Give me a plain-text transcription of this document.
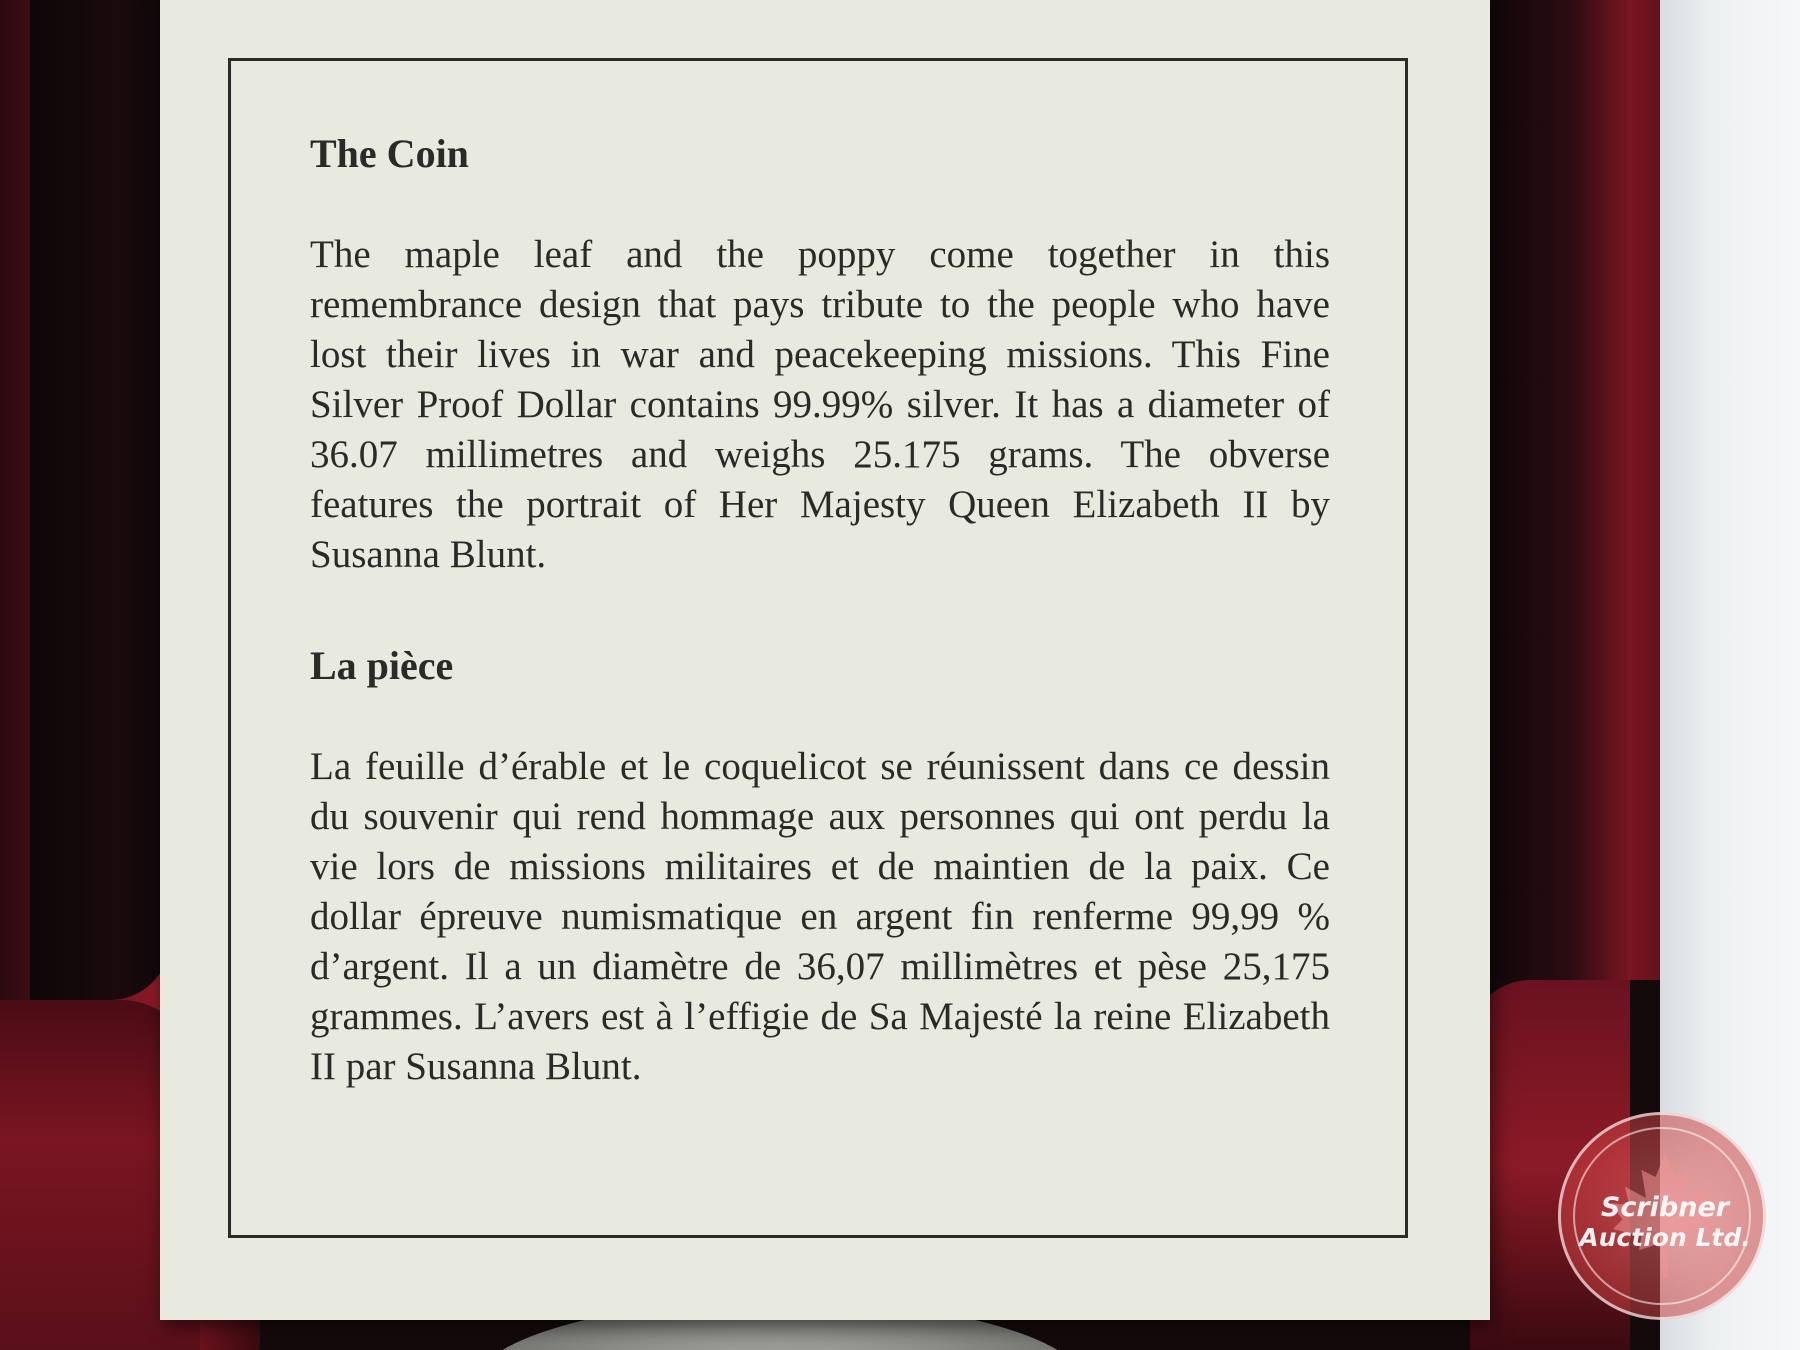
The Coin

The maple leaf and the poppy come together in this remembrance design that pays tribute to the people who have lost their lives in war and peacekeeping missions. This Fine Silver Proof Dollar contains 99.99% silver. It has a diameter of 36.07 millimetres and weighs 25.175 grams. The obverse features the portrait of Her Majesty Queen Elizabeth II by Susanna Blunt.

La pièce

La feuille d’érable et le coquelicot se réunissent dans ce dessin du souvenir qui rend hommage aux personnes qui ont perdu la vie lors de missions militaires et de maintien de la paix. Ce dollar épreuve numismatique en argent fin renferme 99,99 % d’argent. Il a un diamètre de 36,07 millimètres et pèse 25,175 grammes. L’avers est à l’effigie de Sa Majesté la reine Elizabeth II par Susanna Blunt.

Scribner
Auction Ltd.
